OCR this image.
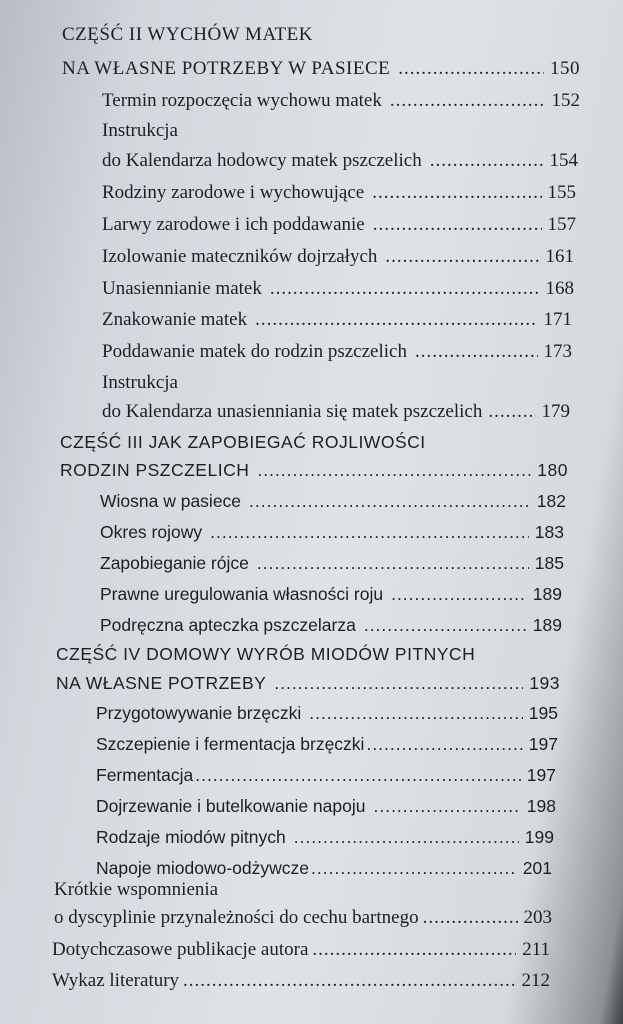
CZĘŚĆ II WYCHÓW MATEK
NA WŁASNE POTRZEBY W PASIECE .....	150
Termin rozpoczęcia wychowu matek .....	152
Instrukcja
do Kalendarza hodowcy matek pszczelich .....	154
Rodziny zarodowe i wychowujące .....	155
Larwy zarodowe i ich poddawanie .....	157
Izolowanie mateczników dojrzałych .....	161
Unasiennianie matek .....	168
Znakowanie matek .....	171
Poddawanie matek do rodzin pszczelich .....	173
Instrukcja
do Kalendarza unasienniania się matek pszczelich .....	179
CZĘŚĆ III JAK ZAPOBIEGAĆ ROJLIWOŚCI
RODZIN PSZCZELICH .....	180
Wiosna w pasiece .....	182
Okres rojowy .....	183
Zapobieganie rójce .....	185
Prawne uregulowania własności roju .....	189
Podręczna apteczka pszczelarza .....	189
CZĘŚĆ IV DOMOWY WYRÓB MIODÓW PITNYCH
NA WŁASNE POTRZEBY .....	193
Przygotowywanie brzęczki .....	195
Szczepienie i fermentacja brzęczki .....	197
Fermentacja .....	197
Dojrzewanie i butelkowanie napoju .....	198
Rodzaje miodów pitnych .....	199
Napoje miodowo-odżywcze .....	201
Krótkie wspomnienia
o dyscyplinie przynależności do cechu bartnego .....	203
Dotychczasowe publikacje autora .....	211
Wykaz literatury .....	212
